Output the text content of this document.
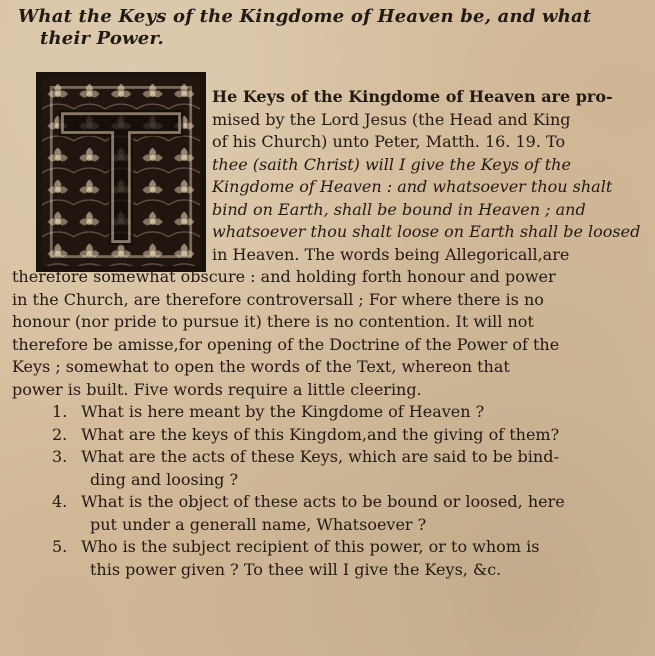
What the Keys of the Kingdome of Heaven be, and what
their Power.
He Keys of the Kingdome of Heaven are pro-
mised by the Lord Jesus (the Head and King
of his Church) unto Peter, Matth. 16. 19. To
thee (saith Christ) will I give the Keys of the
Kingdome of Heaven : and whatsoever thou shalt
bind on Earth, shall be bound in Heaven ; and
whatsoever thou shalt loose on Earth shall be loosed
in Heaven. The words being Allegoricall,are
therefore somewhat obscure : and holding forth honour and power
in the Church, are therefore controversall ; For where there is no
honour (nor pride to pursue it) there is no contention. It will not
therefore be amisse,for opening of the Doctrine of the Power of the
Keys ; somewhat to open the words of the Text, whereon that
power is built. Five words require a little cleering.
1. What is here meant by the Kingdome of Heaven ?
2. What are the keys of this Kingdom,and the giving of them?
3. What are the acts of these Keys, which are said to be bind-
ding and loosing ?
4. What is the object of these acts to be bound or loosed, here
put under a generall name, Whatsoever ?
5. Who is the subject recipient of this power, or to whom is
this power given ? To thee will I give the Keys, &c.
